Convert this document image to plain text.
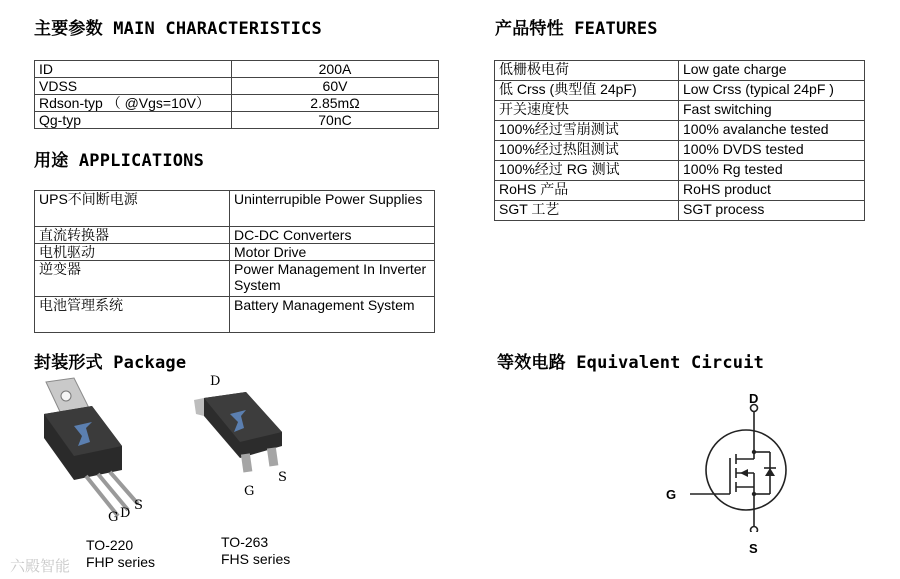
主要参数 MAIN CHARACTERISTICS
ID	200A
VDSS	60V
Rdson-typ （ @Vgs=10V）	2.85mΩ
Qg-typ	70nC
用途 APPLICATIONS
UPS不间断电源	Uninterrupible Power Supplies
直流转换器	DC-DC Converters
电机驱动	Motor Drive
逆变器	Power Management In Inverter System
电池管理系统	Battery Management System
产品特性 FEATURES
低栅极电荷	Low gate charge
低 Crss (典型值 24pF)	Low Crss (typical 24pF )
开关速度快	Fast switching
100%经过雪崩测试	100% avalanche tested
100%经过热阻测试	100% DVDS tested
100%经过 RG 测试	100% Rg tested
RoHS 产品	RoHS product
SGT 工艺	SGT process
封装形式 Package
G D
S
TO-220
FHP series
D
G
S
TO-263
FHS series
等效电路 Equivalent Circuit
D
G
S
六殿智能
